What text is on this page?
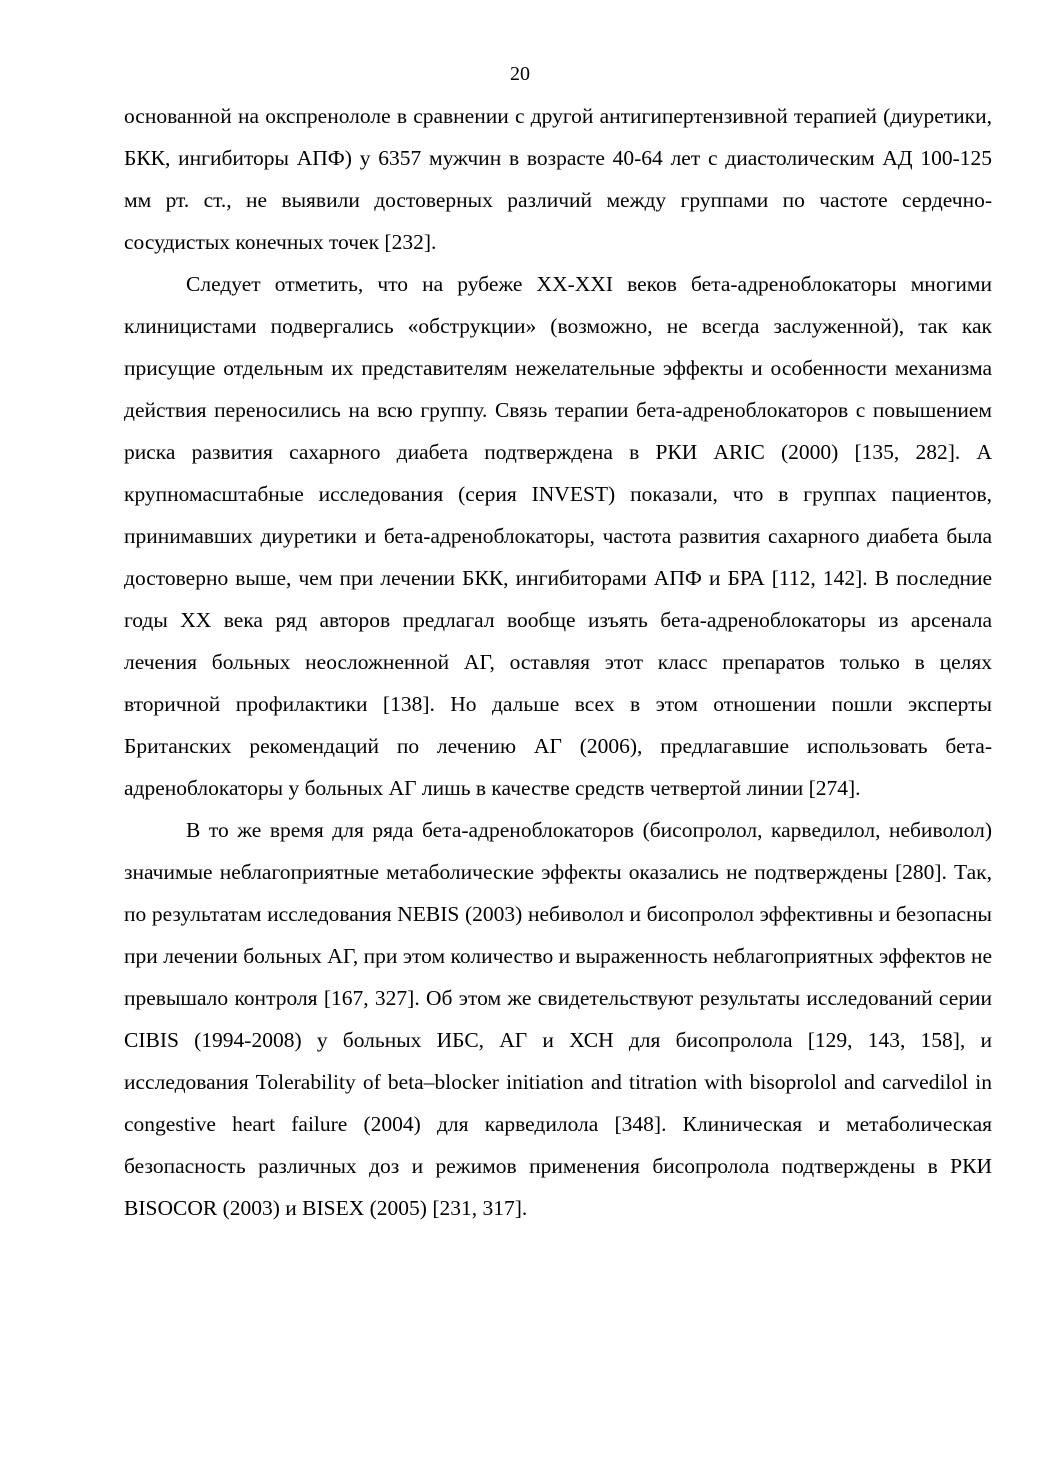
20

основанной на окспренололе в сравнении с другой антигипертензивной терапией (диуретики, БКК, ингибиторы АПФ) у 6357 мужчин в возрасте 40-64 лет с диастолическим АД 100-125 мм рт. ст., не выявили достоверных различий между группами по частоте сердечно-сосудистых конечных точек [232].

Следует отметить, что на рубеже XX-XXI веков бета-адреноблокаторы многими клиницистами подвергались «обструкции» (возможно, не всегда заслуженной), так как присущие отдельным их представителям нежелательные эффекты и особенности механизма действия переносились на всю группу. Связь терапии бета-адреноблокаторов с повышением риска развития сахарного диабета подтверждена в РКИ ARIC (2000) [135, 282]. А крупномасштабные исследования (серия INVEST) показали, что в группах пациентов, принимавших диуретики и бета-адреноблокаторы, частота развития сахарного диабета была достоверно выше, чем при лечении БКК, ингибиторами АПФ и БРА [112, 142]. В последние годы XX века ряд авторов предлагал вообще изъять бета-адреноблокаторы из арсенала лечения больных неосложненной АГ, оставляя этот класс препаратов только в целях вторичной профилактики [138]. Но дальше всех в этом отношении пошли эксперты Британских рекомендаций по лечению АГ (2006), предлагавшие использовать бета-адреноблокаторы у больных АГ лишь в качестве средств четвертой линии [274].

В то же время для ряда бета-адреноблокаторов (бисопролол, карведилол, небиволол) значимые неблагоприятные метаболические эффекты оказались не подтверждены [280]. Так, по результатам исследования NEBIS (2003) небиволол и бисопролол эффективны и безопасны при лечении больных АГ, при этом количество и выраженность неблагоприятных эффектов не превышало контроля [167, 327]. Об этом же свидетельствуют результаты исследований серии CIBIS (1994-2008) у больных ИБС, АГ и ХСН для бисопролола [129, 143, 158], и исследования Tolerability of beta–blocker initiation and titration with bisoprolol and carvedilol in congestive heart failure (2004) для карведилола [348]. Клиническая и метаболическая безопасность различных доз и режимов применения бисопролола подтверждены в РКИ BISOCOR (2003) и BISEX (2005) [231, 317].
